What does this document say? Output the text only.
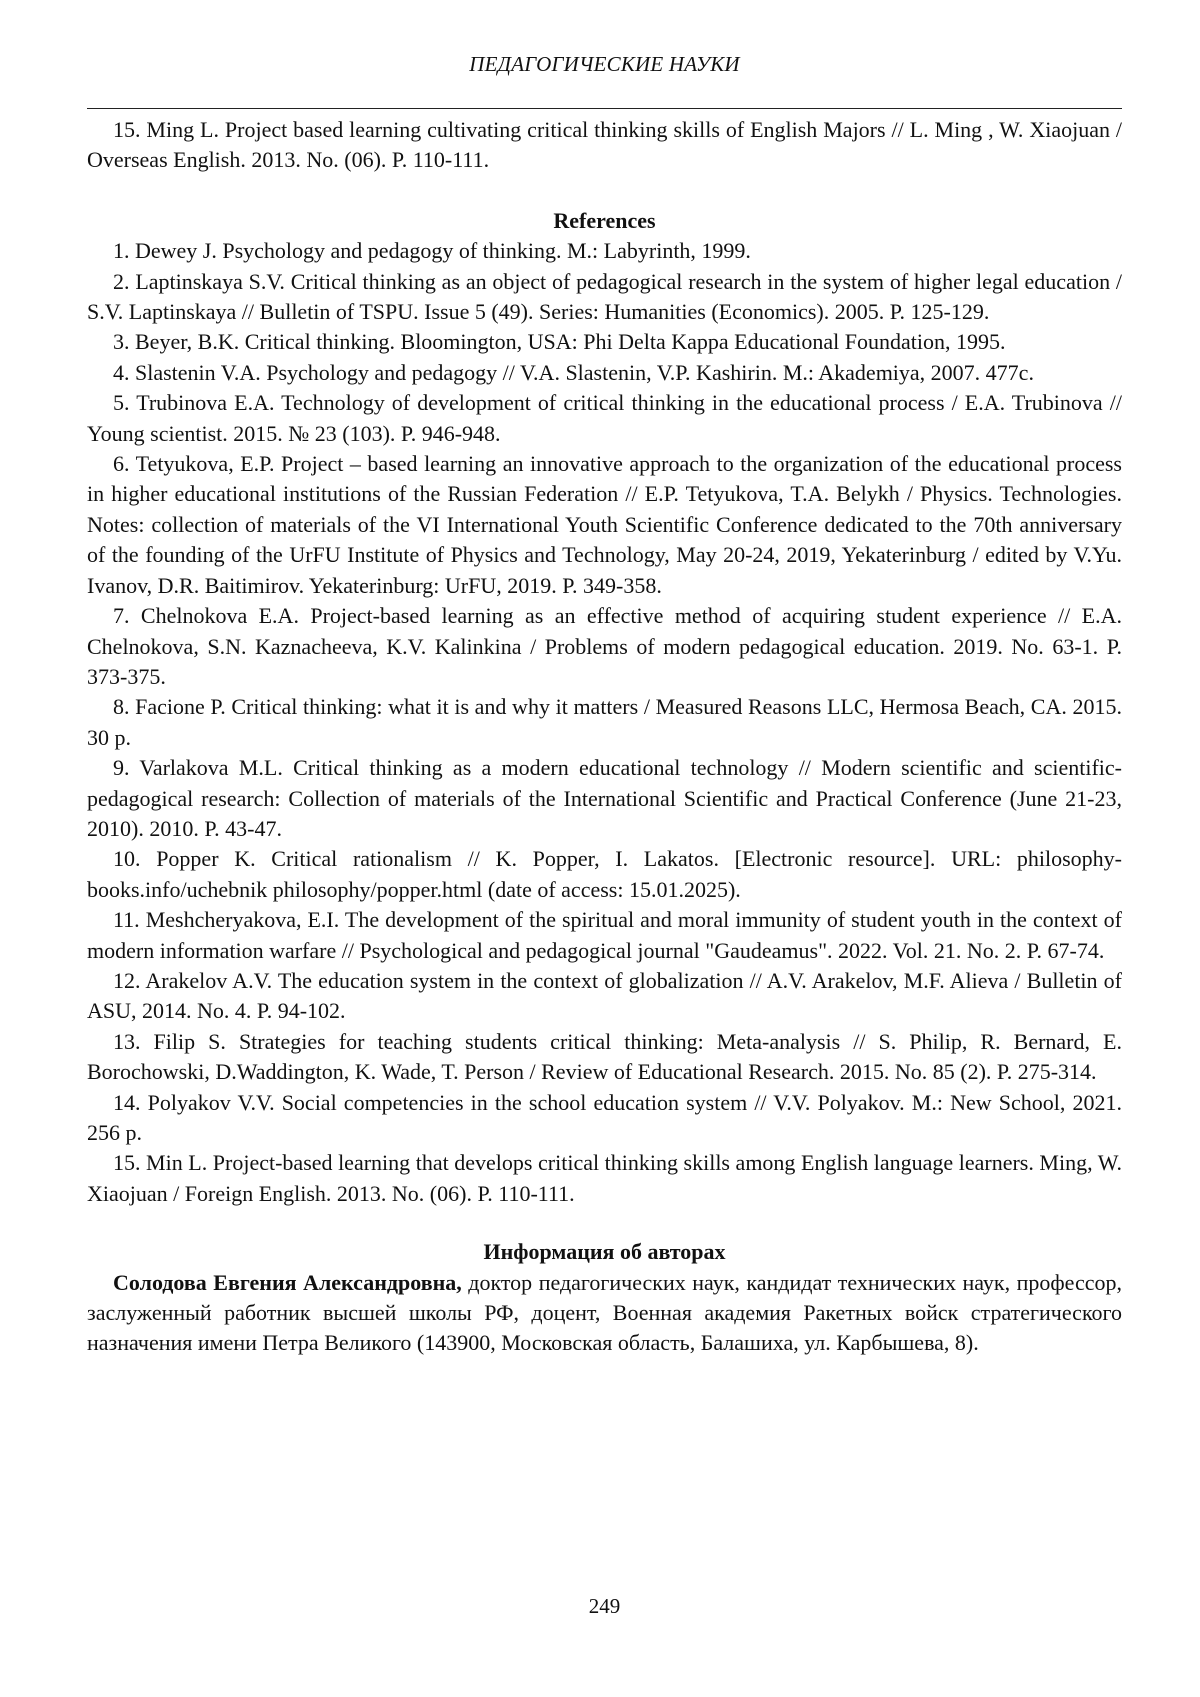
ПЕДАГОГИЧЕСКИЕ НАУКИ

15. Ming L. Project based learning cultivating critical thinking skills of English Majors // L. Ming , W. Xiaojuan / Overseas English. 2013. No. (06). P. 110-111.

References

1. Dewey J. Psychology and pedagogy of thinking. M.: Labyrinth, 1999.

2. Laptinskaya S.V. Critical thinking as an object of pedagogical research in the system of higher legal education / S.V. Laptinskaya // Bulletin of TSPU. Issue 5 (49). Series: Humanities (Economics). 2005. P. 125-129.

3. Beyer, B.K. Critical thinking. Bloomington, USA: Phi Delta Kappa Educational Foundation, 1995.

4. Slastenin V.A. Psychology and pedagogy // V.A. Slastenin, V.P. Kashirin. M.: Akademiya, 2007. 477c.

5. Trubinova E.A. Technology of development of critical thinking in the educational process / E.A. Trubinova // Young scientist. 2015. № 23 (103). P. 946-948.

6. Tetyukova, E.P. Project – based learning an innovative approach to the organization of the educational process in higher educational institutions of the Russian Federation // E.P. Tetyukova, T.A. Belykh / Physics. Technologies. Notes: collection of materials of the VI International Youth Scientific Conference dedicated to the 70th anniversary of the founding of the UrFU Institute of Physics and Technology, May 20-24, 2019, Yekaterinburg / edited by V.Yu. Ivanov, D.R. Baitimirov. Yekaterinburg: UrFU, 2019. P. 349-358.

7. Chelnokova E.A. Project-based learning as an effective method of acquiring student experience // E.A. Chelnokova, S.N. Kaznacheeva, K.V. Kalinkina / Problems of modern pedagogical education. 2019. No. 63-1. P. 373-375.

8. Facione P. Critical thinking: what it is and why it matters / Measured Reasons LLC, Hermosa Beach, CA. 2015. 30 p.

9. Varlakova M.L. Critical thinking as a modern educational technology // Modern scientific and scientific-pedagogical research: Collection of materials of the International Scientific and Practical Conference (June 21-23, 2010). 2010. P. 43-47.

10. Popper K. Critical rationalism // K. Popper, I. Lakatos. [Electronic resource]. URL: philosophy-books.info/uchebnik philosophy/popper.html (date of access: 15.01.2025).

11. Meshcheryakova, E.I. The development of the spiritual and moral immunity of student youth in the context of modern information warfare // Psychological and pedagogical journal "Gaudeamus". 2022. Vol. 21. No. 2. P. 67-74.

12. Arakelov A.V. The education system in the context of globalization // A.V. Arakelov, M.F. Alieva / Bulletin of ASU, 2014. No. 4. P. 94-102.

13. Filip S. Strategies for teaching students critical thinking: Meta-analysis // S. Philip, R. Bernard, E. Borochowski, D.Waddington, K. Wade, T. Person / Review of Educational Research. 2015. No. 85 (2). P. 275-314.

14. Polyakov V.V. Social competencies in the school education system // V.V. Polyakov. M.: New School, 2021. 256 p.

15. Min L. Project-based learning that develops critical thinking skills among English language learners. Ming, W. Xiaojuan / Foreign English. 2013. No. (06). P. 110-111.

Информация об авторах

Солодова Евгения Александровна, доктор педагогических наук, кандидат технических наук, профессор, заслуженный работник высшей школы РФ, доцент, Военная академия Ракетных войск стратегического назначения имени Петра Великого (143900, Московская область, Балашиха, ул. Карбышева, 8).

249
